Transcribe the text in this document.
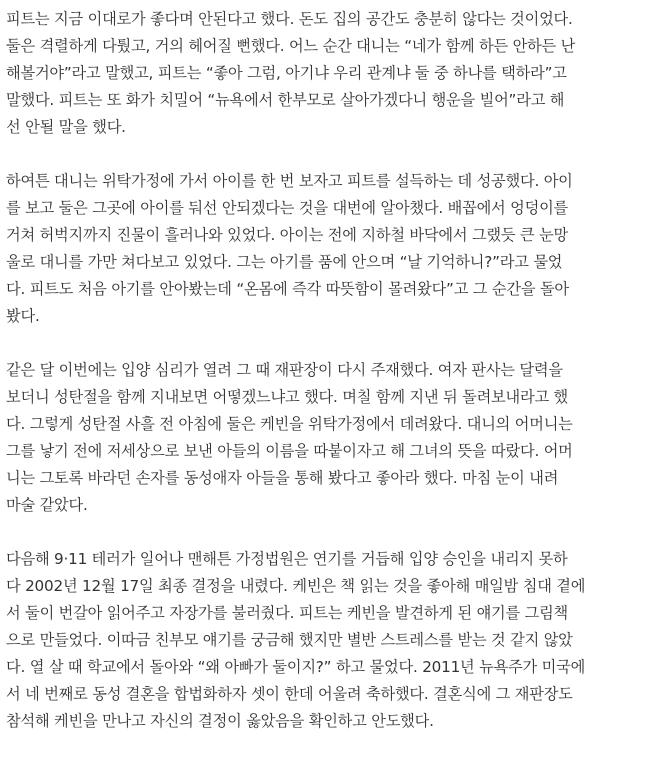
피트는 지금 이대로가 좋다며 안된다고 했다. 돈도 집의 공간도 충분히 않다는 것이었다.
둘은 격렬하게 다퉜고, 거의 헤어질 뻔했다. 어느 순간 대니는 “네가 함께 하든 안하든 난
해볼거야”라고 말했고, 피트는 “좋아 그럼, 아기냐 우리 관계냐 둘 중 하나를 택하라”고
말했다. 피트는 또 화가 치밀어 “뉴욕에서 한부모로 살아가겠다니 행운을 빌어”라고 해
선 안될 말을 했다.
하여튼 대니는 위탁가정에 가서 아이를 한 번 보자고 피트를 설득하는 데 성공했다. 아이
를 보고 둘은 그곳에 아이를 둬선 안되겠다는 것을 대번에 알아챘다. 배꼽에서 엉덩이를
거쳐 허벅지까지 진물이 흘러나와 있었다. 아이는 전에 지하철 바닥에서 그랬듯 큰 눈망
울로 대니를 가만 쳐다보고 있었다. 그는 아기를 품에 안으며 “날 기억하니?”라고 물었
다. 피트도 처음 아기를 안아봤는데 “온몸에 즉각 따뜻함이 몰려왔다”고 그 순간을 돌아
봤다.
같은 달 이번에는 입양 심리가 열려 그 때 재판장이 다시 주재했다. 여자 판사는 달력을
보더니 성탄절을 함께 지내보면 어떻겠느냐고 했다. 며칠 함께 지낸 뒤 돌려보내라고 했
다. 그렇게 성탄절 사흘 전 아침에 둘은 케빈을 위탁가정에서 데려왔다. 대니의 어머니는
그를 낳기 전에 저세상으로 보낸 아들의 이름을 따붙이자고 해 그녀의 뜻을 따랐다. 어머
니는 그토록 바라던 손자를 동성애자 아들을 통해 봤다고 좋아라 했다. 마침 눈이 내려
마술 같았다.
다음해 9·11 테러가 일어나 맨해튼 가정법원은 연기를 거듭해 입양 승인을 내리지 못하
다 2002년 12월 17일 최종 결정을 내렸다. 케빈은 책 읽는 것을 좋아해 매일밤 침대 곁에
서 둘이 번갈아 읽어주고 자장가를 불러줬다. 피트는 케빈을 발견하게 된 얘기를 그림책
으로 만들었다. 이따금 친부모 얘기를 궁금해 했지만 별반 스트레스를 받는 것 같지 않았
다. 열 살 때 학교에서 돌아와 “왜 아빠가 둘이지?” 하고 물었다. 2011년 뉴욕주가 미국에
서 네 번째로 동성 결혼을 합법화하자 셋이 한데 어울려 축하했다. 결혼식에 그 재판장도
참석해 케빈을 만나고 자신의 결정이 옳았음을 확인하고 안도했다.
